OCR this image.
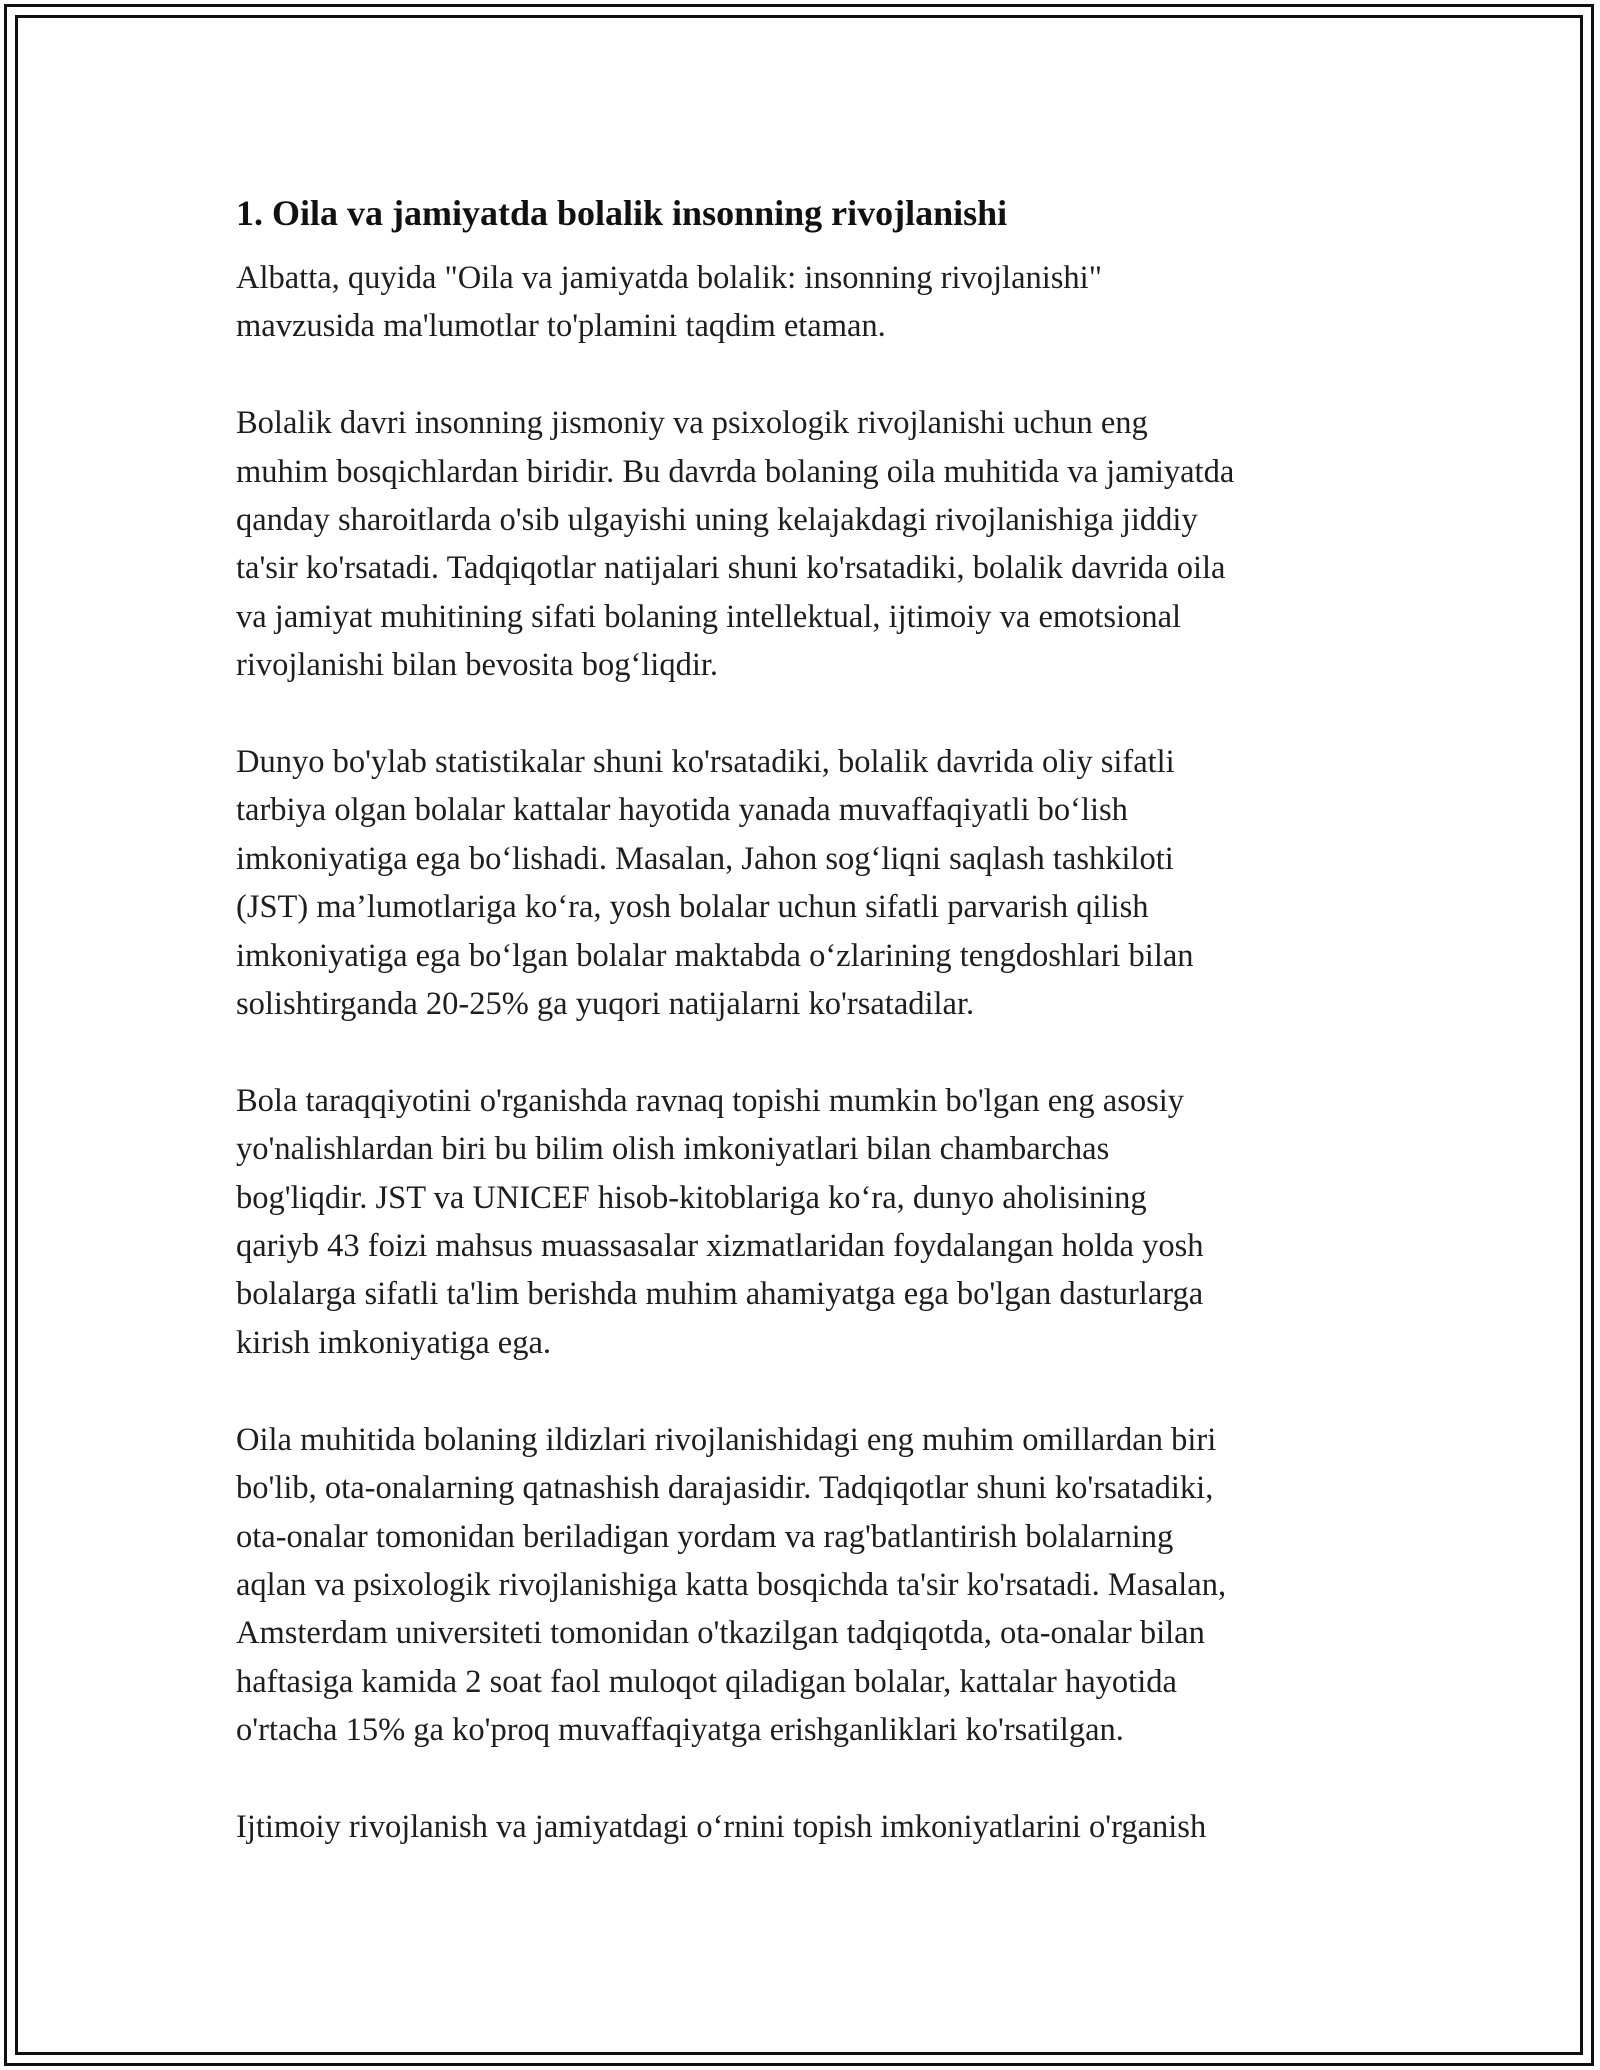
1. Oila va jamiyatda bolalik insonning rivojlanishi
Albatta, quyida "Oila va jamiyatda bolalik: insonning rivojlanishi"
mavzusida ma'lumotlar to'plamini taqdim etaman.
Bolalik davri insonning jismoniy va psixologik rivojlanishi uchun eng
muhim bosqichlardan biridir. Bu davrda bolaning oila muhitida va jamiyatda
qanday sharoitlarda o'sib ulgayishi uning kelajakdagi rivojlanishiga jiddiy
ta'sir ko'rsatadi. Tadqiqotlar natijalari shuni ko'rsatadiki, bolalik davrida oila
va jamiyat muhitining sifati bolaning intellektual, ijtimoiy va emotsional
rivojlanishi bilan bevosita bog‘liqdir.
Dunyo bo'ylab statistikalar shuni ko'rsatadiki, bolalik davrida oliy sifatli
tarbiya olgan bolalar kattalar hayotida yanada muvaffaqiyatli bo‘lish
imkoniyatiga ega bo‘lishadi. Masalan, Jahon sog‘liqni saqlash tashkiloti
(JST) ma’lumotlariga ko‘ra, yosh bolalar uchun sifatli parvarish qilish
imkoniyatiga ega bo‘lgan bolalar maktabda o‘zlarining tengdoshlari bilan
solishtirganda 20-25% ga yuqori natijalarni ko'rsatadilar.
Bola taraqqiyotini o'rganishda ravnaq topishi mumkin bo'lgan eng asosiy
yo'nalishlardan biri bu bilim olish imkoniyatlari bilan chambarchas
bog'liqdir. JST va UNICEF hisob-kitoblariga ko‘ra, dunyo aholisining
qariyb 43 foizi mahsus muassasalar xizmatlaridan foydalangan holda yosh
bolalarga sifatli ta'lim berishda muhim ahamiyatga ega bo'lgan dasturlarga
kirish imkoniyatiga ega.
Oila muhitida bolaning ildizlari rivojlanishidagi eng muhim omillardan biri
bo'lib, ota-onalarning qatnashish darajasidir. Tadqiqotlar shuni ko'rsatadiki,
ota-onalar tomonidan beriladigan yordam va rag'batlantirish bolalarning
aqlan va psixologik rivojlanishiga katta bosqichda ta'sir ko'rsatadi. Masalan,
Amsterdam universiteti tomonidan o'tkazilgan tadqiqotda, ota-onalar bilan
haftasiga kamida 2 soat faol muloqot qiladigan bolalar, kattalar hayotida
o'rtacha 15% ga ko'proq muvaffaqiyatga erishganliklari ko'rsatilgan.
Ijtimoiy rivojlanish va jamiyatdagi o‘rnini topish imkoniyatlarini o'rganish
